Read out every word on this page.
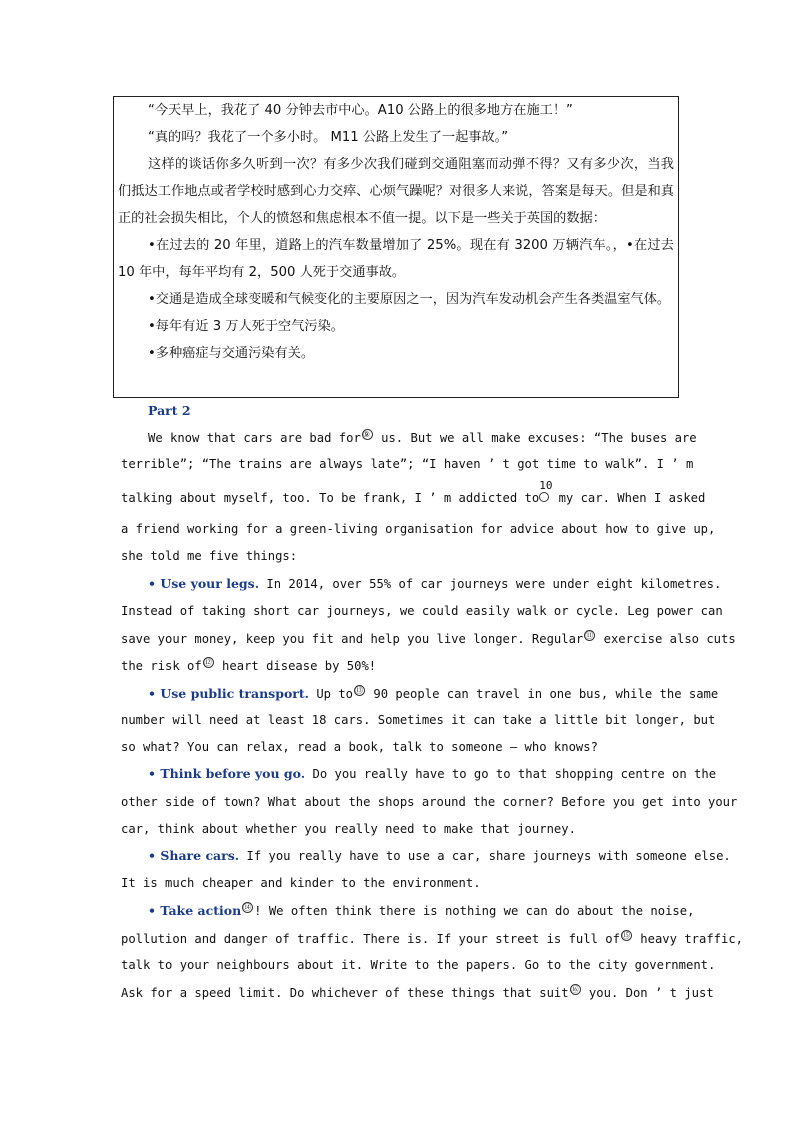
“今天早上，我花了 40 分钟去市中心。A10 公路上的很多地方在施工！”

“真的吗？我花了一个多小时。 M11 公路上发生了一起事故。”

这样的谈话你多久听到一次？有多少次我们碰到交通阻塞而动弹不得？又有多少次，当我们抵达工作地点或者学校时感到心力交瘁、心烦气躁呢？对很多人来说，答案是每天。但是和真正的社会损失相比，个人的愤怒和焦虑根本不值一提。以下是一些关于英国的数据：

•在过去的 20 年里，道路上的汽车数量增加了 25%。现在有 3200 万辆汽车。，•在过去 10 年中，每年平均有 2，500 人死于交通事故。

•交通是造成全球变暖和气候变化的主要原因之一，因为汽车发动机会产生各类温室气体。

•每年有近 3 万人死于空气污染。

•多种癌症与交通污染有关。

Part 2
We know that cars are bad for ⑨ us. But we all make excuses: “The buses are
terrible”; “The trains are always late”; “I haven ’ t got time to walk”. I ’ m
talking about myself, too. To be frank, I ’ m addicted to
10
my car. When I asked
a friend working for a green-living organisation for advice about how to give up,
she told me five things:
• Use your legs. In 2014, over 55% of car journeys were under eight kilometres.
Instead of taking short car journeys, we could easily walk or cycle. Leg power can
save your money, keep you fit and help you live longer. Regular ⑪ exercise also cuts
the risk of ⑫ heart disease by 50%!
• Use public transport. Up to ⑬ 90 people can travel in one bus, while the same
number will need at least 18 cars. Sometimes it can take a little bit longer, but
so what? You can relax, read a book, talk to someone — who knows?
• Think before you go. Do you really have to go to that shopping centre on the
other side of town? What about the shops around the corner? Before you get into your
car, think about whether you really need to make that journey.
• Share cars. If you really have to use a car, share journeys with someone else.
It is much cheaper and kinder to the environment.
• Take action ⑭ ! We often think there is nothing we can do about the noise,
pollution and danger of traffic. There is. If your street is full of ⑮ heavy traffic,
talk to your neighbours about it. Write to the papers. Go to the city government.
Ask for a speed limit. Do whichever of these things that suit ⑯ you. Don ’ t just
